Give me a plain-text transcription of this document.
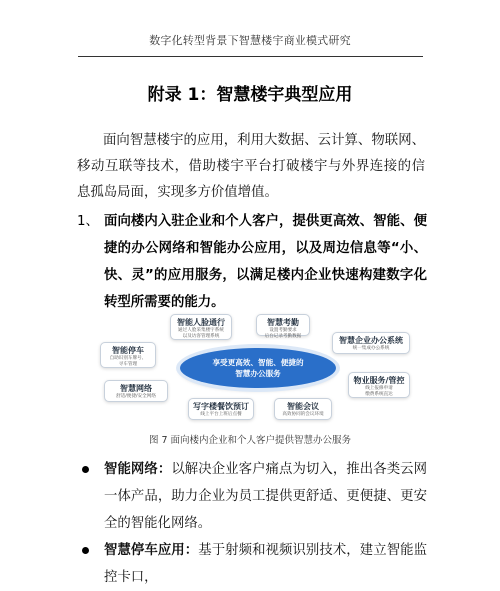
数字化转型背景下智慧楼宇商业模式研究
附录 1：智慧楼宇典型应用
面向智慧楼宇的应用，利用大数据、云计算、物联网、移动互联等技术，借助楼宇平台打破楼宇与外界连接的信息孤岛局面，实现多方价值增值。
1、 面向楼内入驻企业和个人客户，提供更高效、智能、便捷的办公网络和智能办公应用，以及周边信息等“小、快、灵”的应用服务，以满足楼内企业快速构建数字化转型所需要的能力。
智能人脸通行
通过人脸采集楼宇系统
以及访客管理系统
智慧考勤
设置考勤要求
后台记录考勤数据	智慧企业办公系统
统一集成办公系统
智能停车
自助识别车牌号、
寻车管理
物业服务/管控
线上报修申请
缴费系统直达
智慧网络
舒适/便捷/安全网络
写字楼餐饮预订
线上平台上班后点餐
智能会议
高效协同的会议环境
享受更高效、智能、便捷的
智慧办公服务
图 7 面向楼内企业和个人客户提供智慧办公服务
智能网络：以解决企业客户痛点为切入，推出各类云网一体产品，助力企业为员工提供更舒适、更便捷、更安全的智能化网络。
智慧停车应用：基于射频和视频识别技术，建立智能监控卡口，
